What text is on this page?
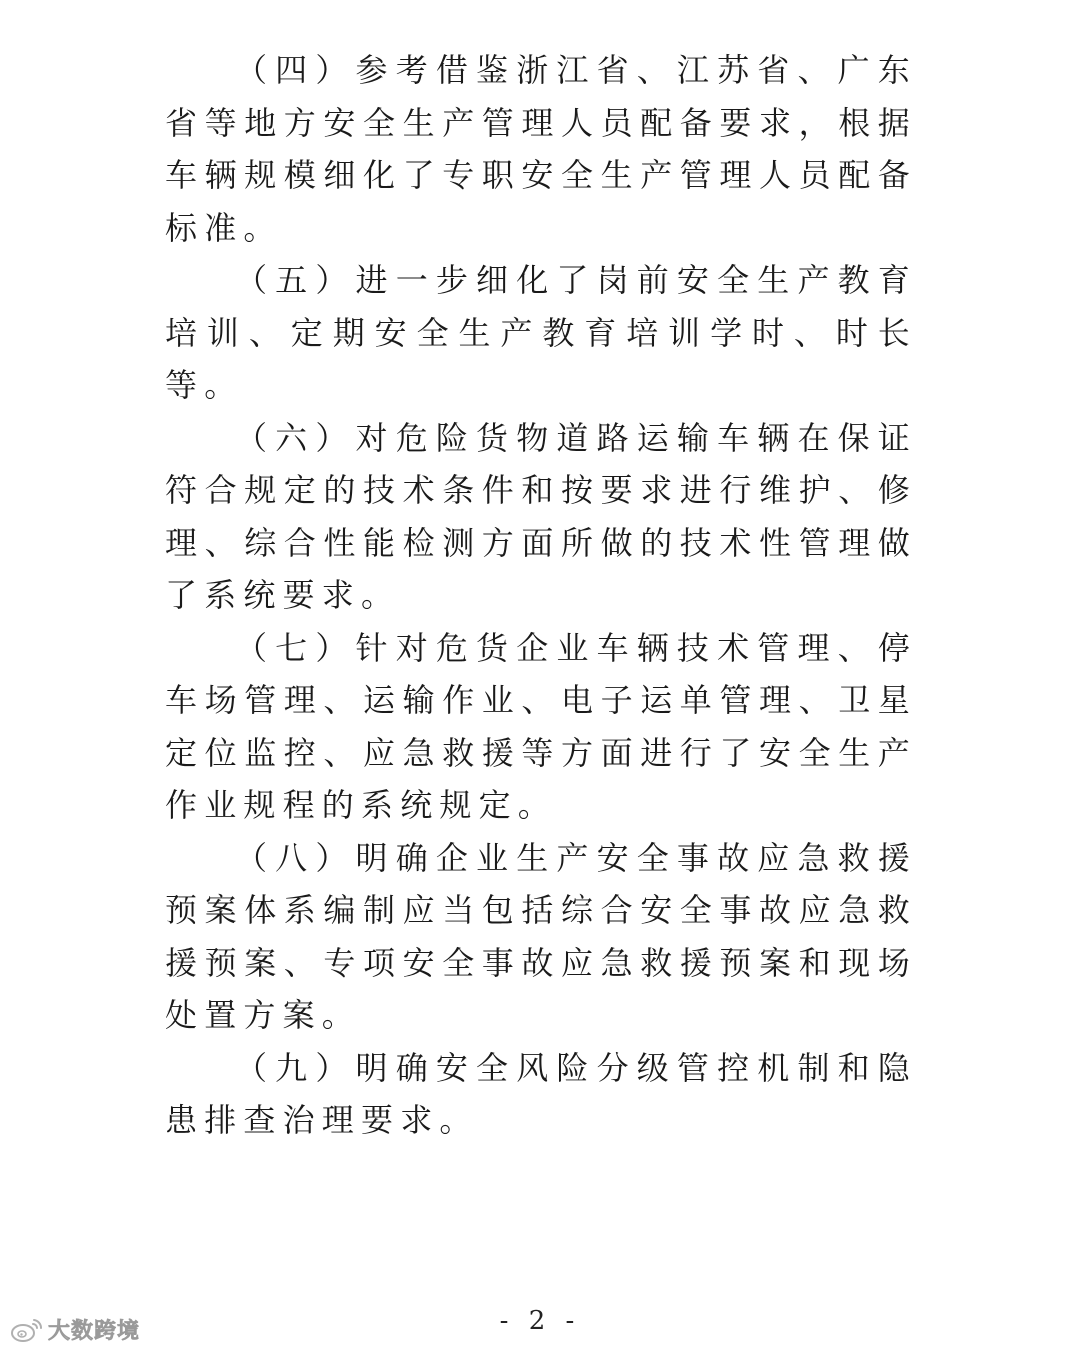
（四）参考借鉴浙江省、江苏省、广东省等地方安全生产管理人员配备要求，根据车辆规模细化了专职安全生产管理人员配备标准。

（五）进一步细化了岗前安全生产教育培训、定期安全生产教育培训学时、时长等。

（六）对危险货物道路运输车辆在保证符合规定的技术条件和按要求进行维护、修理、综合性能检测方面所做的技术性管理做了系统要求。

（七）针对危货企业车辆技术管理、停车场管理、运输作业、电子运单管理、卫星定位监控、应急救援等方面进行了安全生产作业规程的系统规定。

（八）明确企业生产安全事故应急救援预案体系编制应当包括综合安全事故应急救援预案、专项安全事故应急救援预案和现场处置方案。

（九）明确安全风险分级管控机制和隐患排查治理要求。

- 2 -
大数跨境
